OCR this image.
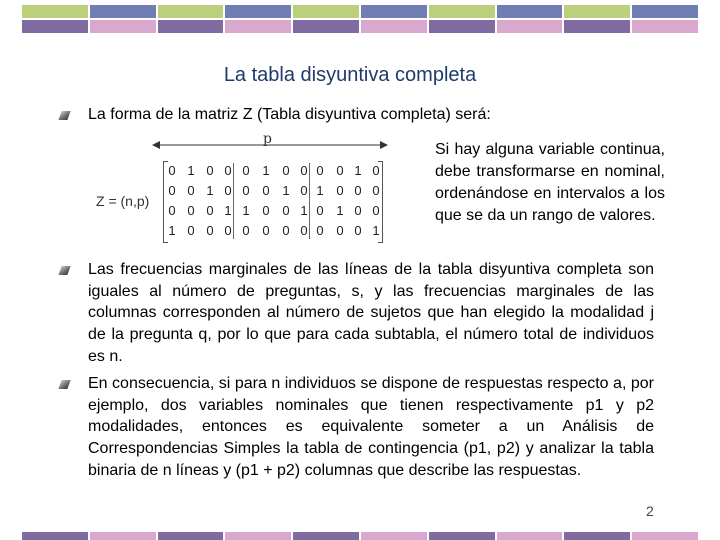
La tabla disyuntiva completa
La forma de la matriz Z (Tabla disyuntiva completa) será:
Z = (n,p)
p
0 1 0 0 0 1 0 0 0 0 1 0
0 0 1 0 0 0 1 0 1 0 0 0
0 0 0 1 1 0 0 1 0 1 0 0
1 0 0 0 0 0 0 0 0 0 0 1
Si hay alguna variable continua, debe transformarse en nominal, ordenándose en intervalos a los que se da un rango de valores.
Las frecuencias marginales de las líneas de la tabla disyuntiva completa son iguales al número de preguntas, s, y las frecuencias marginales de las columnas corresponden al número de sujetos que han elegido la modalidad j de la pregunta q, por lo que para cada subtabla, el número total de individuos es n.
En consecuencia, si para n individuos se dispone de respuestas respecto a, por ejemplo, dos variables nominales que tienen respectivamente p1 y p2 modalidades, entonces es equivalente someter a un Análisis de Correspondencias Simples la tabla de contingencia (p1, p2) y analizar la tabla binaria de n líneas y (p1 + p2) columnas que describe las respuestas.
2
